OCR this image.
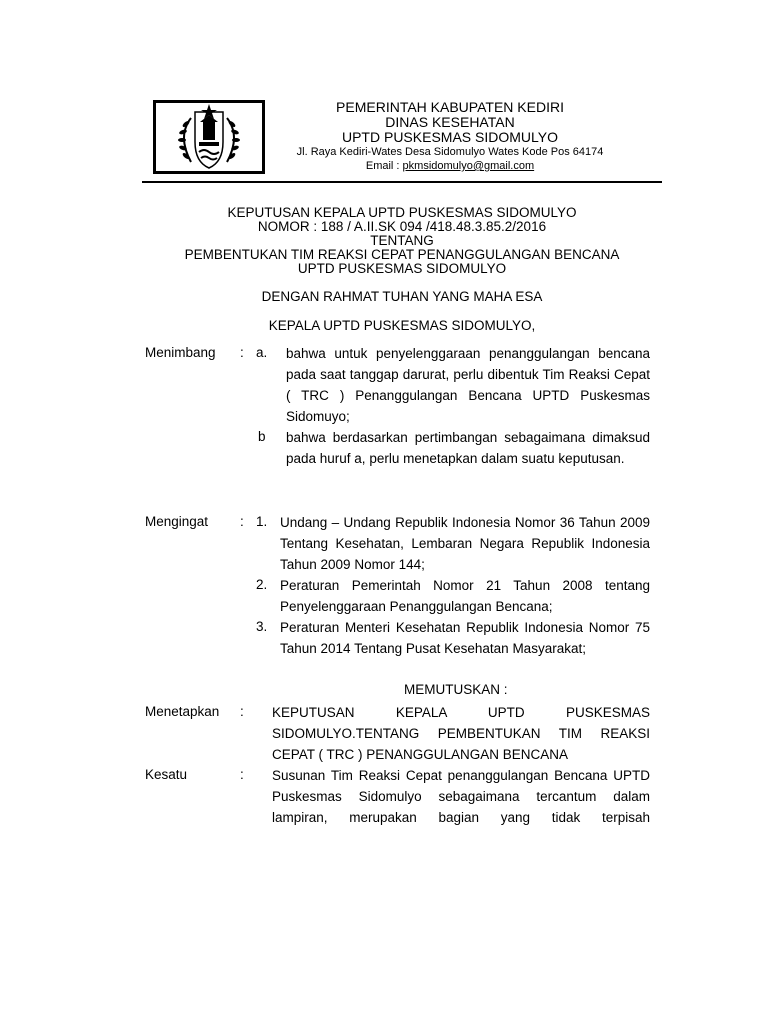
PEMERINTAH KABUPATEN KEDIRI
DINAS KESEHATAN
UPTD PUSKESMAS SIDOMULYO
Jl. Raya Kediri-Wates Desa Sidomulyo Wates Kode Pos 64174
Email : pkmsidomulyo@gmail.com
KEPUTUSAN KEPALA UPTD PUSKESMAS SIDOMULYO
NOMOR : 188 / A.II.SK 094 /418.48.3.85.2/2016
TENTANG
PEMBENTUKAN TIM REAKSI CEPAT PENANGGULANGAN BENCANA
UPTD PUSKESMAS SIDOMULYO
DENGAN RAHMAT TUHAN YANG MAHA ESA
KEPALA UPTD PUSKESMAS SIDOMULYO,
Menimbang : a. bahwa untuk penyelenggaraan penanggulangan bencana pada saat tanggap darurat, perlu dibentuk Tim Reaksi Cepat ( TRC ) Penanggulangan Bencana UPTD Puskesmas Sidomuyo;
b bahwa berdasarkan pertimbangan sebagaimana dimaksud pada huruf a, perlu menetapkan dalam suatu keputusan.
Mengingat : 1. Undang – Undang Republik Indonesia Nomor 36 Tahun 2009 Tentang Kesehatan, Lembaran Negara Republik Indonesia Tahun 2009 Nomor 144;
2. Peraturan Pemerintah Nomor 21 Tahun 2008 tentang Penyelenggaraan Penanggulangan Bencana;
3. Peraturan Menteri Kesehatan Republik Indonesia Nomor 75 Tahun 2014 Tentang Pusat Kesehatan Masyarakat;
MEMUTUSKAN :
Menetapkan : KEPUTUSAN KEPALA UPTD PUSKESMAS SIDOMULYO.TENTANG PEMBENTUKAN TIM REAKSI CEPAT ( TRC ) PENANGGULANGAN BENCANA
Kesatu	: Susunan Tim Reaksi Cepat penanggulangan Bencana UPTD Puskesmas Sidomulyo sebagaimana tercantum dalam lampiran, merupakan bagian yang tidak terpisah
